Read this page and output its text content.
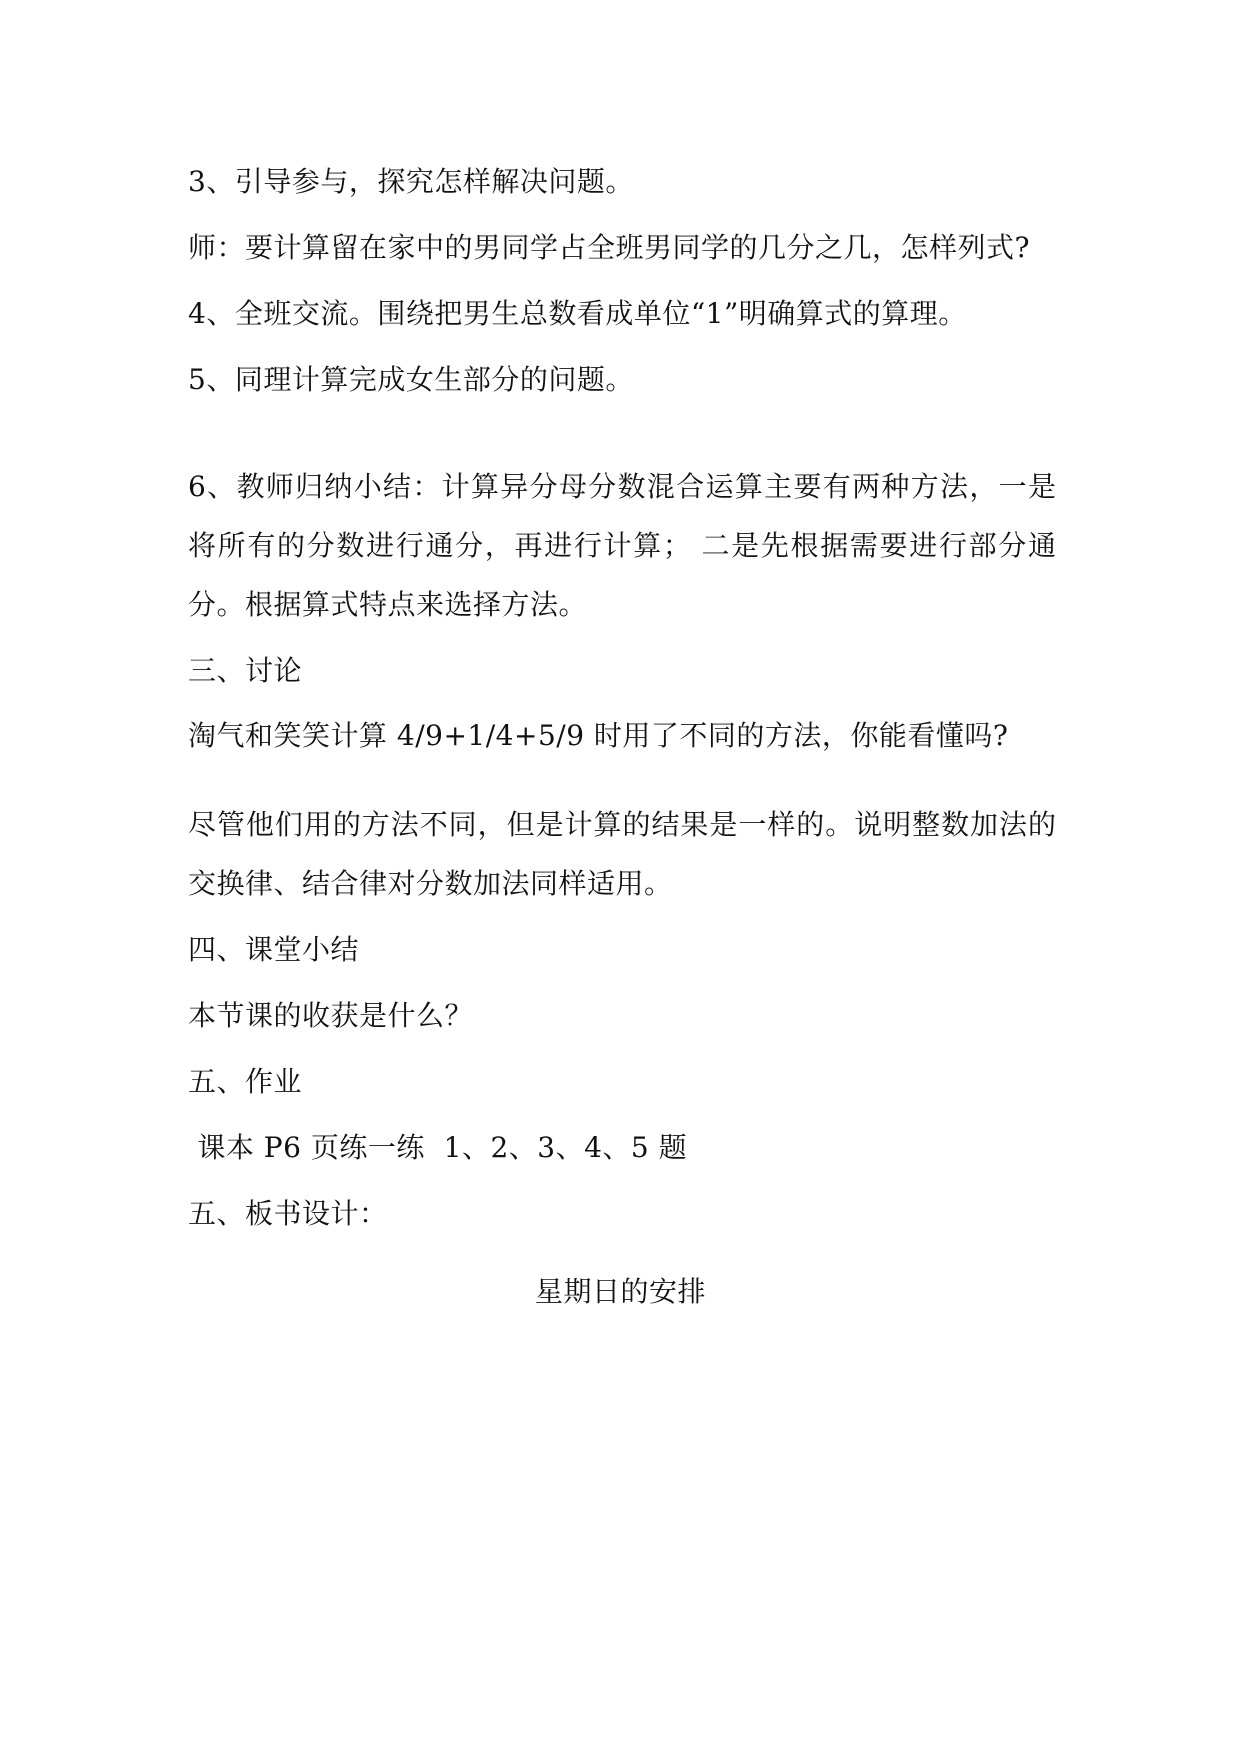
3、引导参与，探究怎样解决问题。
师：要计算留在家中的男同学占全班男同学的几分之几，怎样列式?
4、全班交流。围绕把男生总数看成单位“1”明确算式的算理。
5、同理计算完成女生部分的问题。
6、教师归纳小结：计算异分母分数混合运算主要有两种方法，一是
将所有的分数进行通分，再进行计算； 二是先根据需要进行部分通
分。根据算式特点来选择方法。
三、讨论
淘气和笑笑计算 4/9+1/4+5/9 时用了不同的方法，你能看懂吗?
尽管他们用的方法不同，但是计算的结果是一样的。说明整数加法的
交换律、结合律对分数加法同样适用。
四、课堂小结
本节课的收获是什么？
五、作业
课本 P6 页练一练  1、2、3、4、5 题
五、板书设计：
星期日的安排
